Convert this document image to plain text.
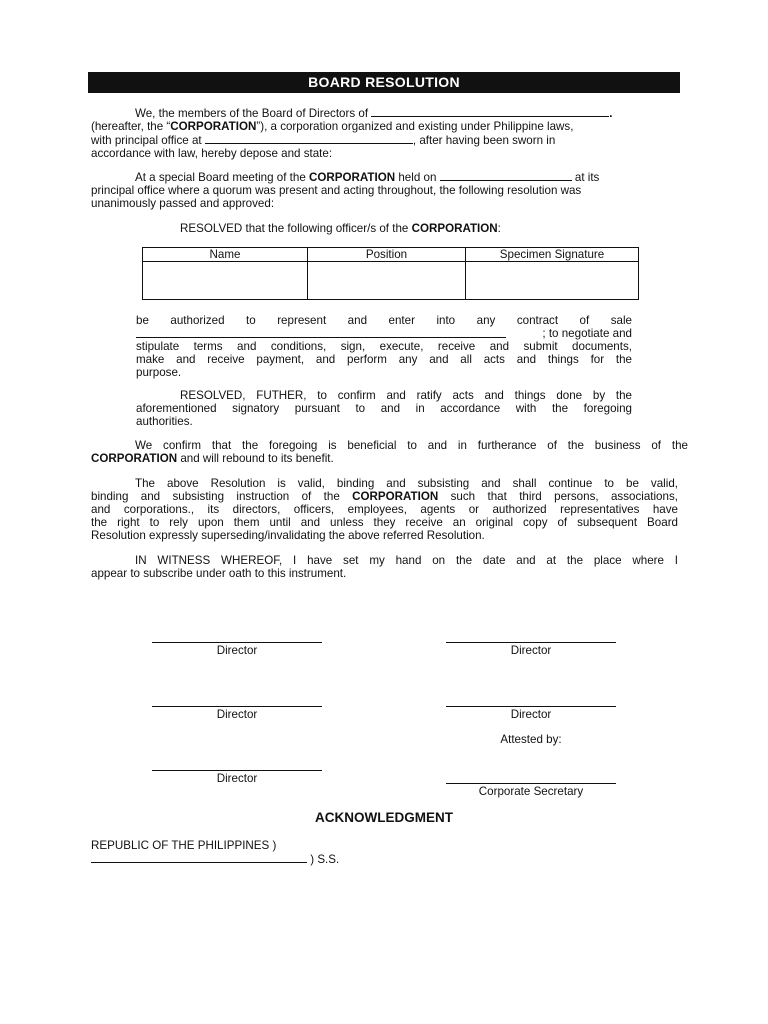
BOARD RESOLUTION
We, the members of the Board of Directors of	.
(hereafter, the “CORPORATION”), a corporation organized and existing under Philippine laws,
with principal office at	, after having been sworn in
accordance with law, hereby depose and state:
At a special Board meeting of the CORPORATION held on	at its
principal office where a quorum was present and acting throughout, the following resolution was
unanimously passed and approved:
RESOLVED that the following officer/s of the CORPORATION:
Name	Position	Specimen Signature

be authorized to represent and enter into any contract of sale
; to negotiate and
stipulate terms and conditions, sign, execute, receive and submit documents,
make and receive payment, and perform any and all acts and things for the
purpose.
RESOLVED, FUTHER, to confirm and ratify acts and things done by the
aforementioned signatory pursuant to and in accordance with the foregoing
authorities.
We confirm that the foregoing is beneficial to and in furtherance of the business of the
CORPORATION and will rebound to its benefit.
The above Resolution is valid, binding and subsisting and shall continue to be valid,
binding and subsisting instruction of the CORPORATION such that third persons, associations,
and corporations., its directors, officers, employees, agents or authorized representatives have
the right to rely upon them until and unless they receive an original copy of subsequent Board
Resolution expressly superseding/invalidating the above referred Resolution.
IN WITNESS WHEREOF, I have set my hand on the date and at the place where I
appear to subscribe under oath to this instrument.
Director	Director
Director	Director
Attested by:
Director
Corporate Secretary
ACKNOWLEDGMENT
REPUBLIC OF THE PHILIPPINES )
) S.S.
